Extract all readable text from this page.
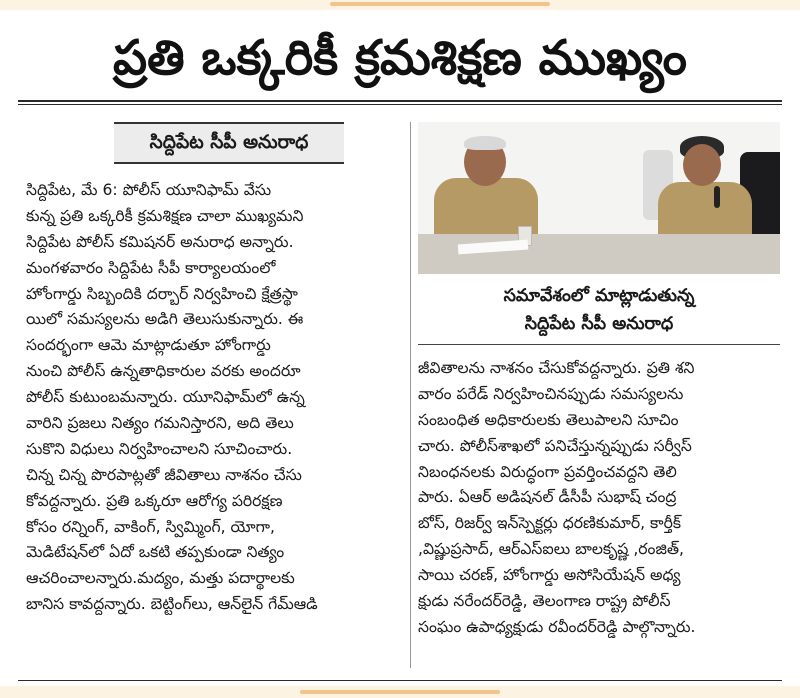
ప్రతి ఒక్కరికీ క్రమశిక్షణ ముఖ్యం
సిద్దిపేట సీపీ అనురాధ
సిద్దిపేట, మే 6: పోలీస్ యూనిఫామ్ వేసు
కున్న ప్రతి ఒక్కరికీ క్రమశిక్షణ చాలా ముఖ్యమని
సిద్దిపేట పోలీస్ కమిషనర్ అనురాధ అన్నారు.
మంగళవారం సిద్దిపేట సీపీ కార్యాలయంలో
హోంగార్డు సిబ్బందికి దర్బార్ నిర్వహించి క్షేత్రస్థా
యిలో సమస్యలను అడిగి తెలుసుకున్నారు. ఈ
సందర్భంగా ఆమె మాట్లాడుతూ హోంగార్డు
నుంచి పోలీస్ ఉన్నతాధికారుల వరకు అందరూ
పోలీస్ కుటుంబమన్నారు. యూనిఫామ్‌లో ఉన్న
వారిని ప్రజలు నిత్యం గమనిస్తారని, అది తెలు
సుకొని విధులు నిర్వహించాలని సూచించారు.
చిన్న చిన్న పొరపాట్లతో జీవితాలు నాశనం చేసు
కోవద్దన్నారు. ప్రతి ఒక్కరూ ఆరోగ్య పరిరక్షణ
కోసం రన్నింగ్, వాకింగ్, స్విమ్మింగ్, యోగా,
మెడిటేషన్‌లో ఏదో ఒకటి తప్పకుండా నిత్యం
ఆచరించాలన్నారు.మద్యం, మత్తు పదార్థాలకు
బానిస కావద్దన్నారు. బెట్టింగ్‌లు, ఆన్‌లైన్ గేమ్‌ఆడి
సమావేశంలో మాట్లాడుతున్న
సిద్దిపేట సీపీ అనురాధ
జీవితాలను నాశనం చేసుకోవద్దన్నారు. ప్రతి శని
వారం పరేడ్ నిర్వహించినప్పుడు సమస్యలను
సంబంధిత అధికారులకు తెలుపాలని సూచిం
చారు. పోలీస్‌శాఖలో పనిచేస్తున్నప్పుడు సర్వీస్
నిబంధనలకు విరుద్ధంగా ప్రవర్తించవద్దని తెలి
పారు. ఏఆర్ అడిషనల్ డీసీపీ సుభాష్ చంద్ర
బోస్, రిజర్వ్ ఇన్‌స్పెక్టర్లు ధరణికుమార్, కార్తీక్
,విష్ణుప్రసాద్, ఆర్‌ఎస్ఐలు బాలకృష్ణ ,రంజిత్,
సాయి చరణ్, హోంగార్డు అసోసియేషన్ అధ్య
క్షుడు నరేందర్‌రెడ్డి, తెలంగాణ రాష్ట్ర పోలీస్
సంఘం ఉపాధ్యక్షుడు రవీందర్‌రెడ్డి పాల్గొన్నారు.
